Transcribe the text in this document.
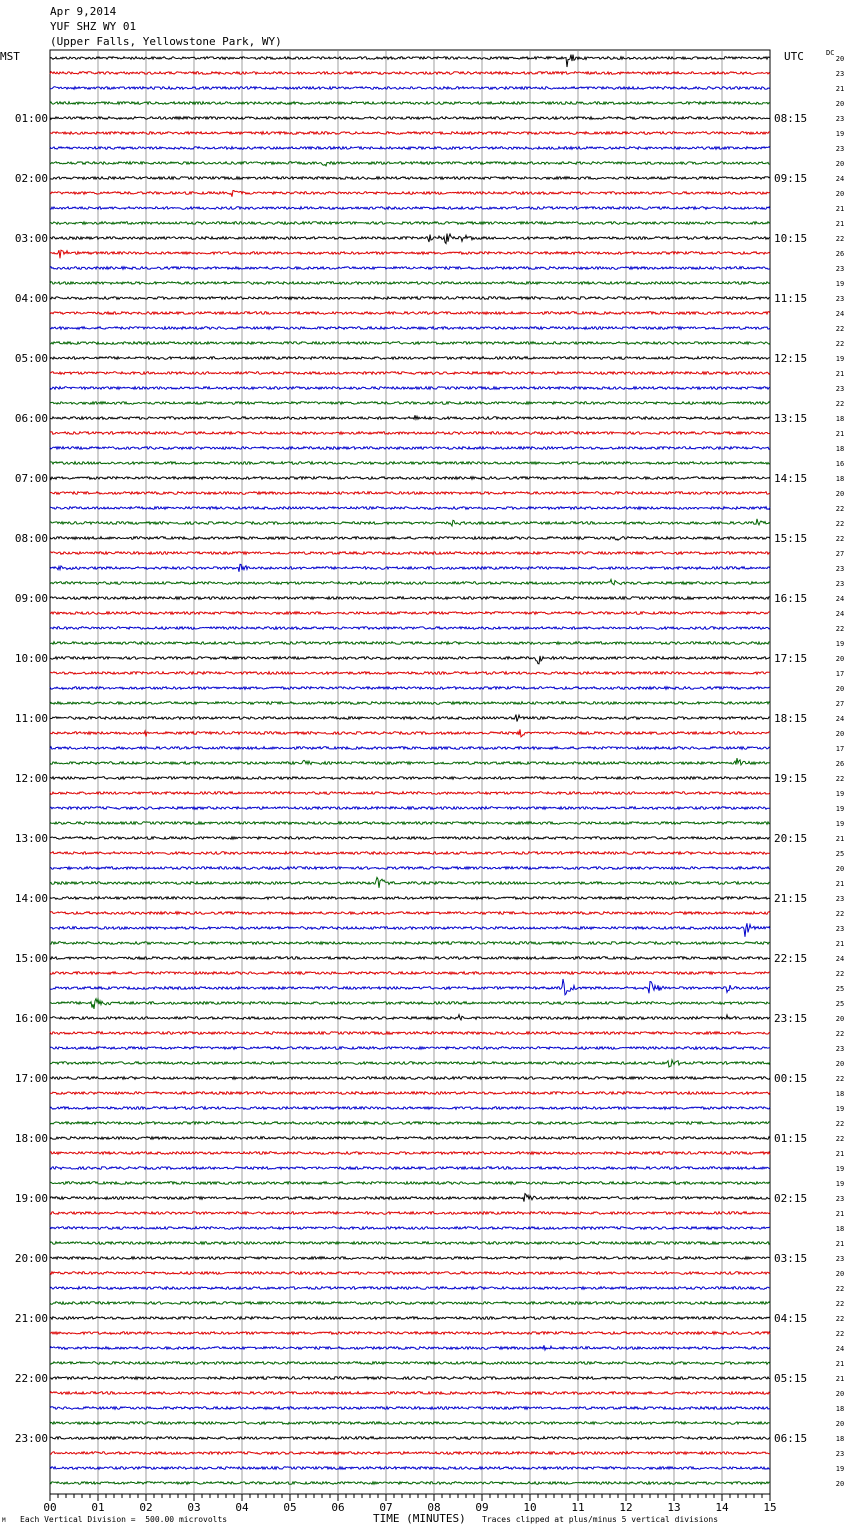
Apr 9,2014
YUF SHZ WY 01
(Upper Falls, Yellowstone Park, WY)
MST	UTC	DC
20
23
21
20
23
19
23
20
24
20
21
21
22
26
23
19
23
24
22
22
19
21
23
22
18
21
18
16
18
20
22
22
22
27
23
23
24
24
22
19
20
17
20
27
24
20
17
26
22
19
19
19
21
25
20
21
23
22
23
21
24
22
25
25
20
22
23
20
22
18
19
22
22
21
19
19
23
21
18
21
23
20
22
22
22
22
24
21
21
20
18
20
18
23
19
20
01:00
02:00
03:00
04:00
05:00
06:00
07:00
08:00
09:00
10:00
11:00
12:00
13:00
14:00
15:00
16:00
17:00
18:00
19:00
20:00
21:00
22:00
23:00
08:15
09:15
10:15
11:15
12:15
13:15
14:15
15:15
16:15
17:15
18:15
19:15
20:15
21:15
22:15
23:15
00:15
01:15
02:15
03:15
04:15
05:15
06:15
00	01	02	03	04	05	06	07	08	09	10	11	12	13	14	15
M Each Vertical Division =  500.00 microvolts	TIME (MINUTES) Traces clipped at plus/minus 5 vertical divisions
